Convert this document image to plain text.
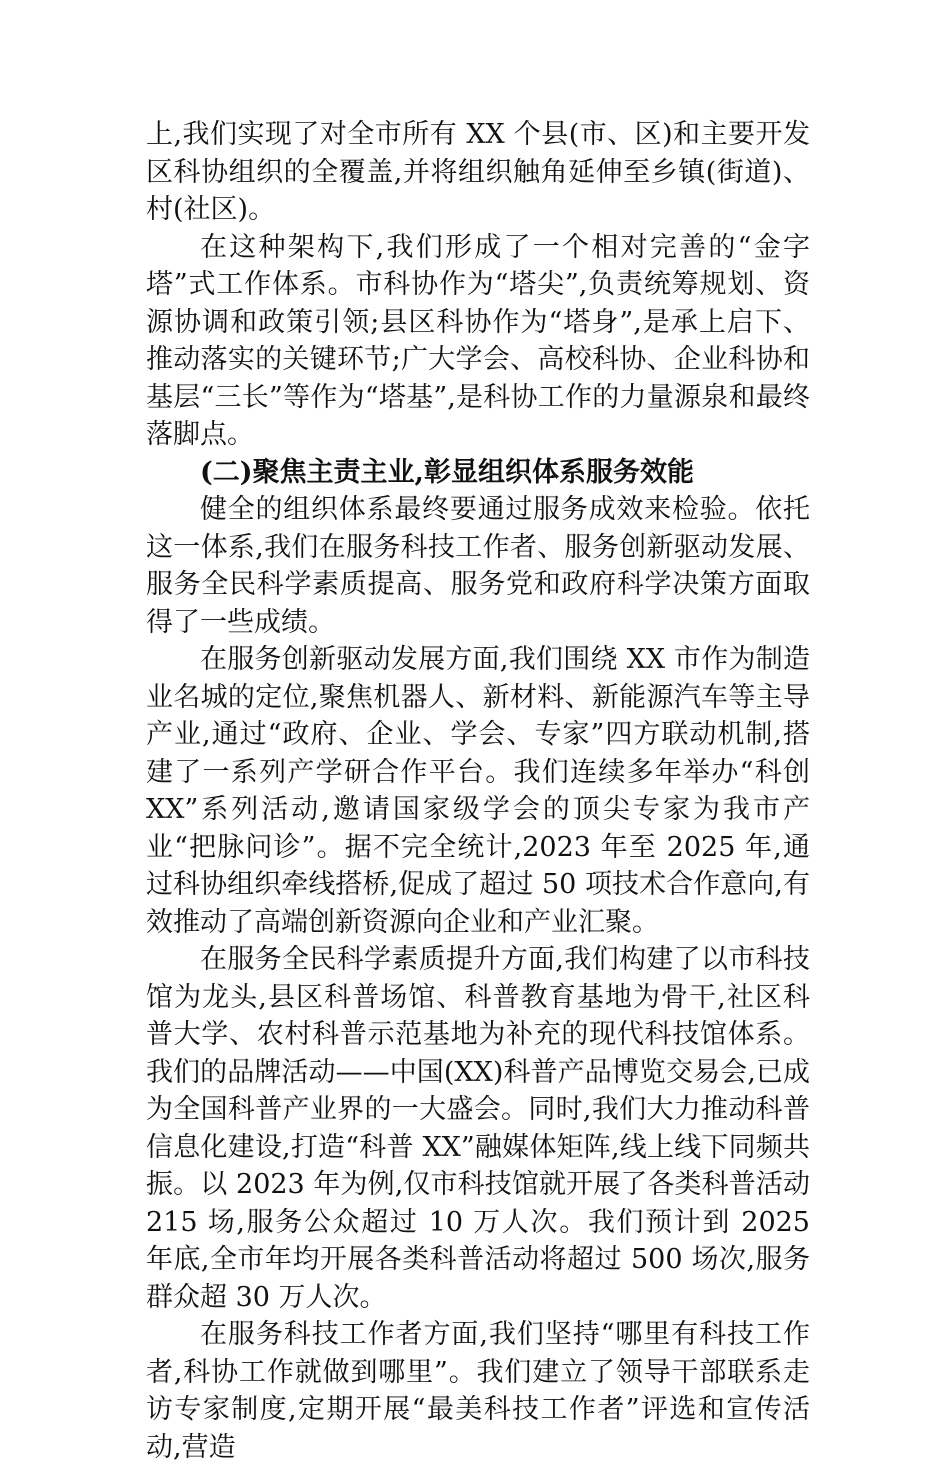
上,我们实现了对全市所有 XX 个县(市、区)和主要开发区科协组织的全覆盖,并将组织触角延伸至乡镇(街道)、村(社区)。

在这种架构下,我们形成了一个相对完善的“金字塔”式工作体系。市科协作为“塔尖”,负责统筹规划、资源协调和政策引领;县区科协作为“塔身”,是承上启下、推动落实的关键环节;广大学会、高校科协、企业科协和基层“三长”等作为“塔基”,是科协工作的力量源泉和最终落脚点。

(二)聚焦主责主业,彰显组织体系服务效能

健全的组织体系最终要通过服务成效来检验。依托这一体系,我们在服务科技工作者、服务创新驱动发展、服务全民科学素质提高、服务党和政府科学决策方面取得了一些成绩。

在服务创新驱动发展方面,我们围绕 XX 市作为制造业名城的定位,聚焦机器人、新材料、新能源汽车等主导产业,通过“政府、企业、学会、专家”四方联动机制,搭建了一系列产学研合作平台。我们连续多年举办“科创 XX”系列活动,邀请国家级学会的顶尖专家为我市产业“把脉问诊”。据不完全统计,2023 年至 2025 年,通过科协组织牵线搭桥,促成了超过 50 项技术合作意向,有效推动了高端创新资源向企业和产业汇聚。

在服务全民科学素质提升方面,我们构建了以市科技馆为龙头,县区科普场馆、科普教育基地为骨干,社区科普大学、农村科普示范基地为补充的现代科技馆体系。我们的品牌活动——中国(XX)科普产品博览交易会,已成为全国科普产业界的一大盛会。同时,我们大力推动科普信息化建设,打造“科普 XX”融媒体矩阵,线上线下同频共振。以 2023 年为例,仅市科技馆就开展了各类科普活动 215 场,服务公众超过 10 万人次。我们预计到 2025 年底,全市年均开展各类科普活动将超过 500 场次,服务群众超 30 万人次。

在服务科技工作者方面,我们坚持“哪里有科技工作者,科协工作就做到哪里”。我们建立了领导干部联系走访专家制度,定期开展“最美科技工作者”评选和宣传活动,营造
